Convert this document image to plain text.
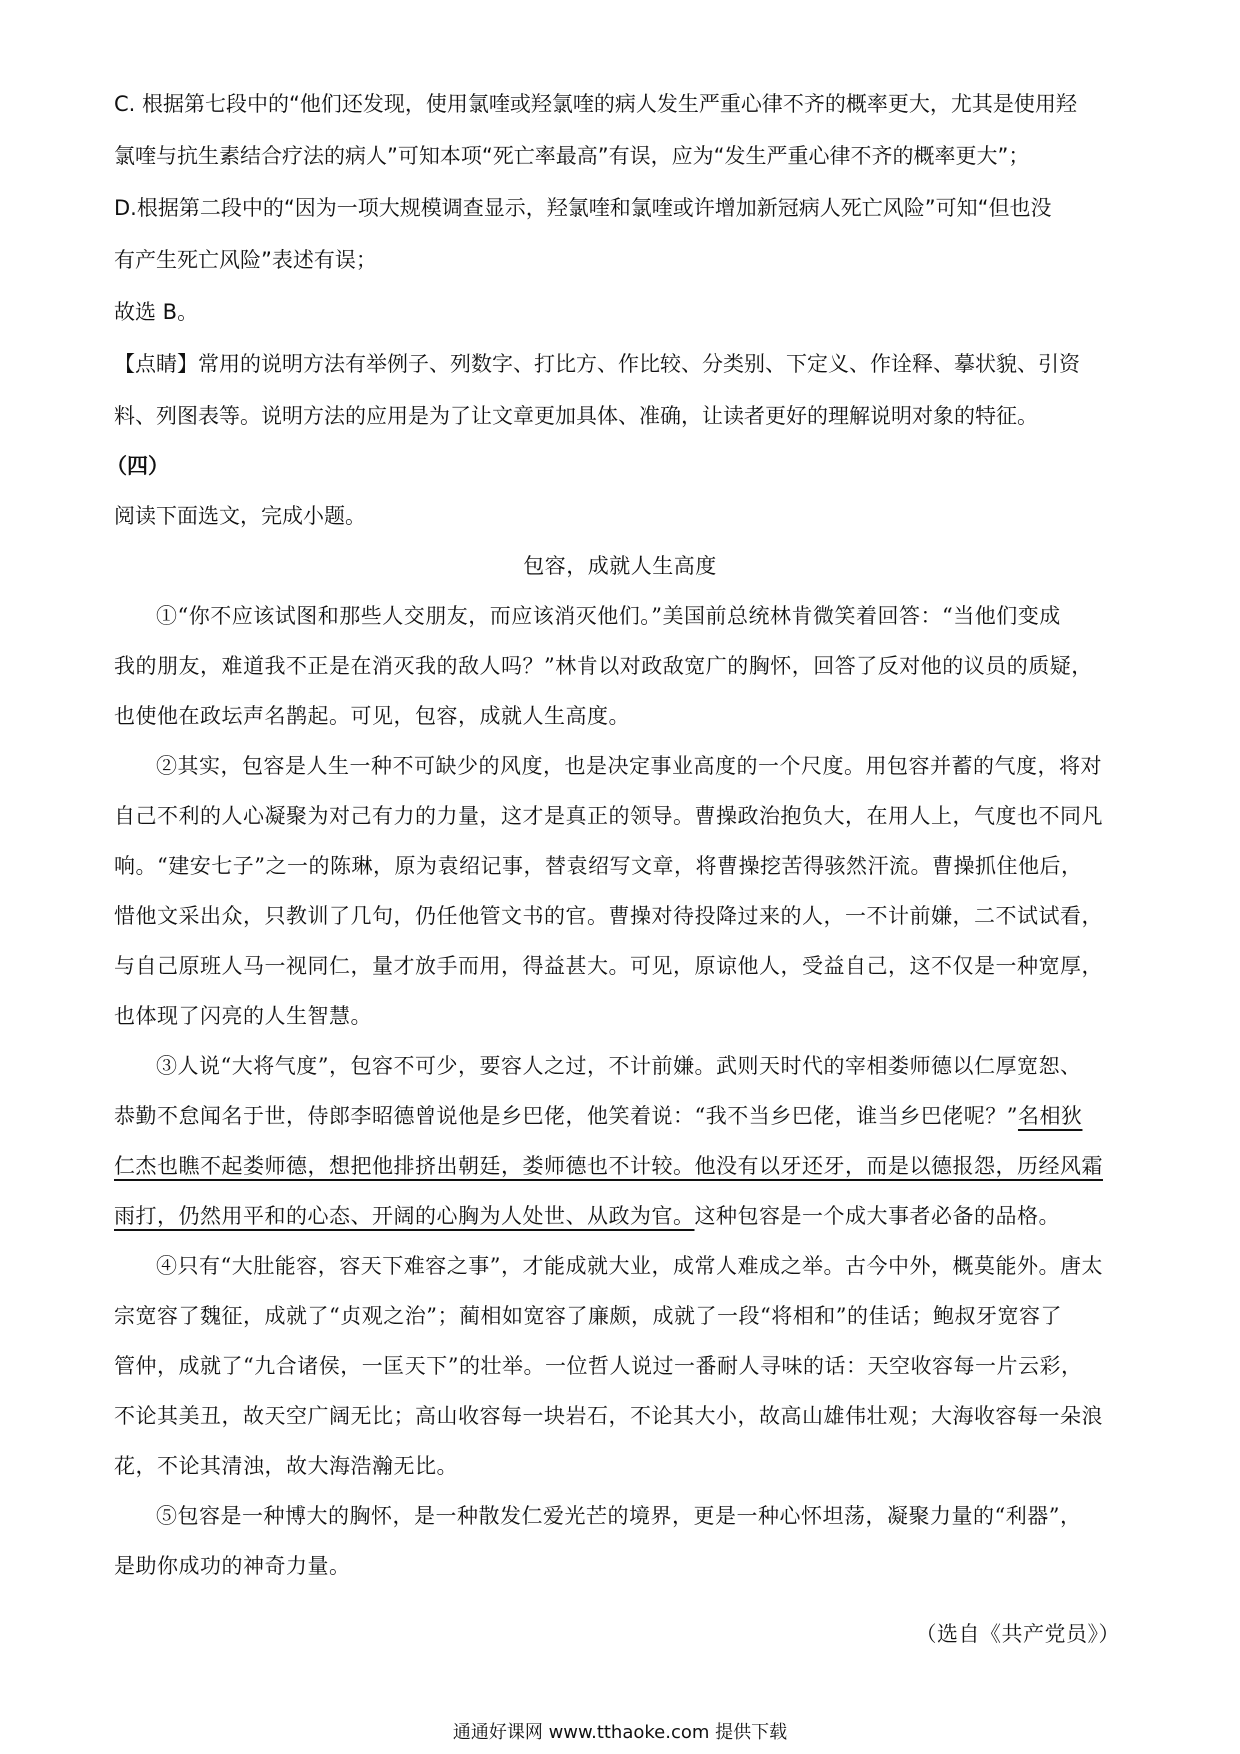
C. 根据第七段中的“他们还发现，使用氯喹或羟氯喹的病人发生严重心律不齐的概率更大，尤其是使用羟
氯喹与抗生素结合疗法的病人”可知本项“死亡率最高”有误，应为“发生严重心律不齐的概率更大”；
D.根据第二段中的“因为一项大规模调查显示，羟氯喹和氯喹或许增加新冠病人死亡风险”可知“但也没
有产生死亡风险”表述有误；
故选 B。
【点睛】常用的说明方法有举例子、列数字、打比方、作比较、分类别、下定义、作诠释、摹状貌、引资
料、列图表等。说明方法的应用是为了让文章更加具体、准确，让读者更好的理解说明对象的特征。
（四）
阅读下面选文，完成小题。
包容，成就人生高度
①“你不应该试图和那些人交朋友，而应该消灭他们。”美国前总统林肯微笑着回答：“当他们变成
我的朋友，难道我不正是在消灭我的敌人吗？”林肯以对政敌宽广的胸怀，回答了反对他的议员的质疑，
也使他在政坛声名鹊起。可见，包容，成就人生高度。
②其实，包容是人生一种不可缺少的风度，也是决定事业高度的一个尺度。用包容并蓄的气度，将对
自己不利的人心凝聚为对己有力的力量，这才是真正的领导。曹操政治抱负大，在用人上，气度也不同凡
响。“建安七子”之一的陈琳，原为袁绍记事，替袁绍写文章，将曹操挖苦得骇然汗流。曹操抓住他后，
惜他文采出众，只教训了几句，仍任他管文书的官。曹操对待投降过来的人，一不计前嫌，二不试试看，
与自己原班人马一视同仁，量才放手而用，得益甚大。可见，原谅他人，受益自己，这不仅是一种宽厚，
也体现了闪亮的人生智慧。
③人说“大将气度”，包容不可少，要容人之过，不计前嫌。武则天时代的宰相娄师德以仁厚宽恕、
恭勤不怠闻名于世，侍郎李昭德曾说他是乡巴佬，他笑着说：“我不当乡巴佬，谁当乡巴佬呢？”名相狄
仁杰也瞧不起娄师德，想把他排挤出朝廷，娄师德也不计较。他没有以牙还牙，而是以德报怨，历经风霜
雨打，仍然用平和的心态、开阔的心胸为人处世、从政为官。这种包容是一个成大事者必备的品格。
④只有“大肚能容，容天下难容之事”，才能成就大业，成常人难成之举。古今中外，概莫能外。唐太
宗宽容了魏征，成就了“贞观之治”；蔺相如宽容了廉颇，成就了一段“将相和”的佳话；鲍叔牙宽容了
管仲，成就了“九合诸侯，一匡天下”的壮举。一位哲人说过一番耐人寻味的话：天空收容每一片云彩，
不论其美丑，故天空广阔无比；高山收容每一块岩石，不论其大小，故高山雄伟壮观；大海收容每一朵浪
花，不论其清浊，故大海浩瀚无比。
⑤包容是一种博大的胸怀，是一种散发仁爱光芒的境界，更是一种心怀坦荡，凝聚力量的“利器”，
是助你成功的神奇力量。
（选自《共产党员》）
通通好课网 www.tthaoke.com 提供下载
